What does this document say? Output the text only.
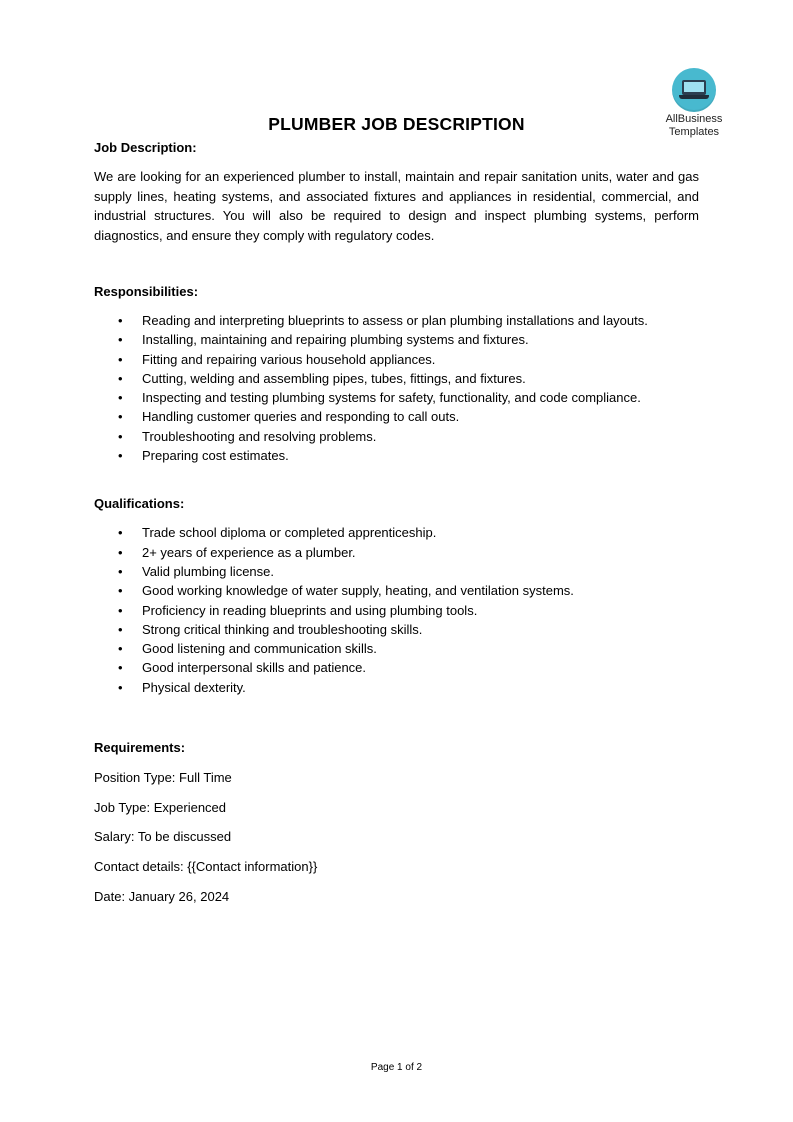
AllBusiness
Templates
PLUMBER JOB DESCRIPTION

Job Description:

We are looking for an experienced plumber to install, maintain and repair sanitation units, water and gas supply lines, heating systems, and associated fixtures and appliances in residential, commercial, and industrial structures. You will also be required to design and inspect plumbing systems, perform diagnostics, and ensure they comply with regulatory codes.

Responsibilities:

• Reading and interpreting blueprints to assess or plan plumbing installations and layouts.
• Installing, maintaining and repairing plumbing systems and fixtures.
• Fitting and repairing various household appliances.
• Cutting, welding and assembling pipes, tubes, fittings, and fixtures.
• Inspecting and testing plumbing systems for safety, functionality, and code compliance.
• Handling customer queries and responding to call outs.
• Troubleshooting and resolving problems.
• Preparing cost estimates.

Qualifications:

• Trade school diploma or completed apprenticeship.
• 2+ years of experience as a plumber.
• Valid plumbing license.
• Good working knowledge of water supply, heating, and ventilation systems.
• Proficiency in reading blueprints and using plumbing tools.
• Strong critical thinking and troubleshooting skills.
• Good listening and communication skills.
• Good interpersonal skills and patience.
• Physical dexterity.

Requirements:

Position Type: Full Time

Job Type: Experienced

Salary: To be discussed

Contact details: {{Contact information}}

Date: January 26, 2024

Page 1 of 2
